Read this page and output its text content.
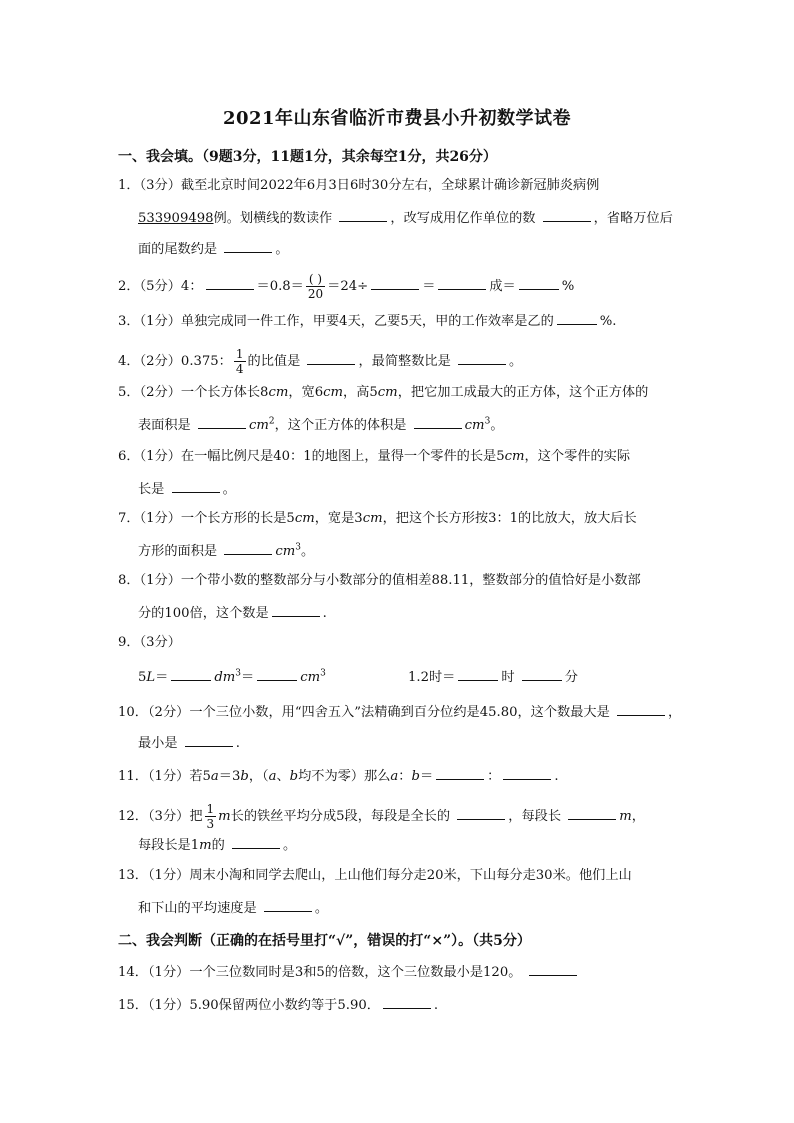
2021年山东省临沂市费县小升初数学试卷
一、我会填。（9题3分，11题1分，其余每空1分，共26分）
1．（3分）截至北京时间2022年6月3日6时30分左右，全球累计确诊新冠肺炎病例
533909498例。划横线的数读作	，改写成用亿作单位的数	，省略万位后
面的尾数约是	。
2．（5分）4：	$=0.8= \frac{( )}{20} =24\div$	＝	成＝	%
3．（1分）单独完成同一件工作，甲要4天，乙要5天，甲的工作效率是乙的	%.
4．（2分）0.375： $\frac{1}{4}$ 的比值是	，最简整数比是	。
5．（2分）一个长方体长8cm，宽6cm，高5cm，把它加工成最大的正方体，这个正方体的
表面积是	$cm^2$，这个正方体的体积是	$cm^3$。
6．（1分）在一幅比例尺是40：1的地图上，量得一个零件的长是5cm，这个零件的实际
长是	。
7．（1分）一个长方形的长是5cm，宽是3cm，把这个长方形按3：1的比放大，放大后长
方形的面积是	$cm^3$。
8．（1分）一个带小数的整数部分与小数部分的值相差88.11，整数部分的值恰好是小数部
分的100倍，这个数是	.
9．（3分）
5L＝	$dm^3=$	$cm^3$	1.2时＝	时	分
10．（2分）一个三位小数，用“四舍五入”法精确到百分位约是45.80，这个数最大是	，
最小是	.
11．（1分）若5a＝3b，（a、b均不为零）那么a：b＝	：	.
12．（3分）把 $\frac{1}{3}$ m长的铁丝平均分成5段，每段是全长的	，每段长	m，
每段长是1m的	。
13．（1分）周末小淘和同学去爬山，上山他们每分走20米，下山每分走30米。他们上山
和下山的平均速度是	。
二、我会判断（正确的在括号里打“√”，错误的打“×”）。（共5分）
14．（1分）一个三位数同时是3和5的倍数，这个三位数最小是120。
15．（1分）5.90保留两位小数约等于5.90．	.
